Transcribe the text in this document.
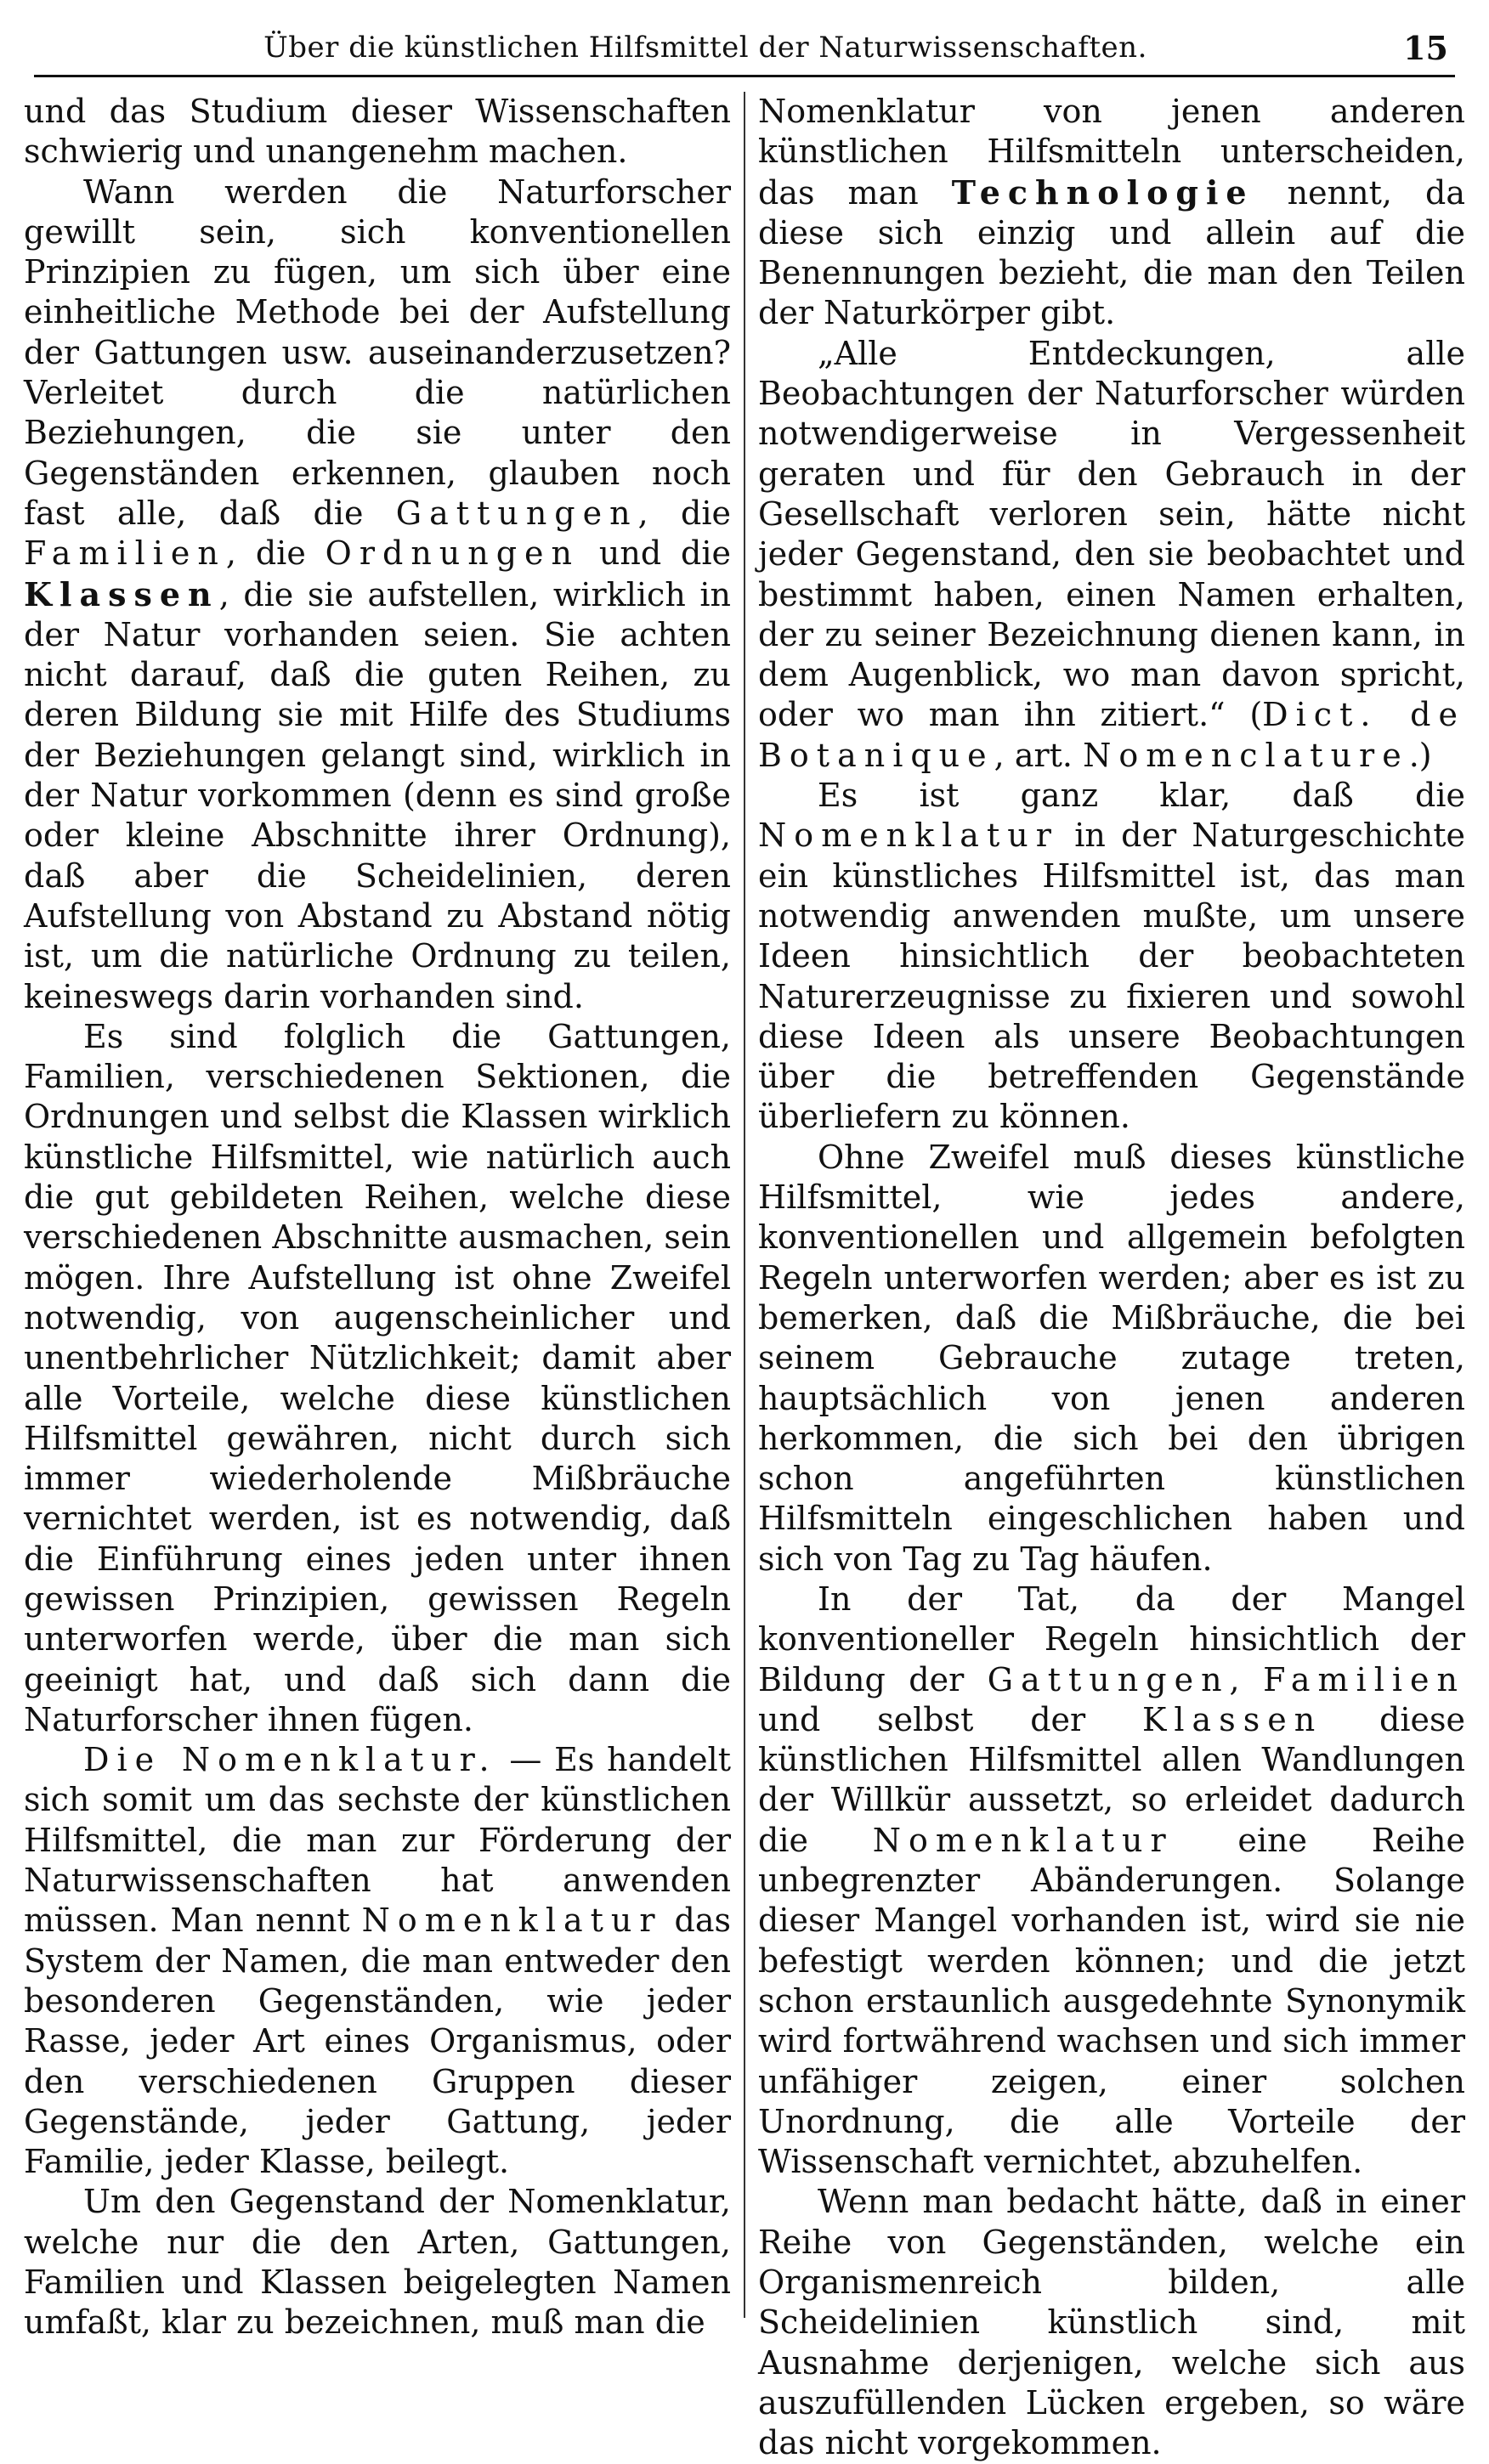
Über die künstlichen Hilfsmittel der Naturwissenschaften.	15

und das Studium dieser Wissenschaften schwierig und unangenehm machen.

Wann werden die Naturforscher gewillt sein, sich konventionellen Prinzipien zu fügen, um sich über eine einheitliche Methode bei der Aufstellung der Gattungen usw. auseinanderzusetzen? Verleitet durch die natürlichen Beziehungen, die sie unter den Gegenständen erkennen, glauben noch fast alle, daß die Gattungen, die Familien, die Ordnungen und die Klassen, die sie aufstellen, wirklich in der Natur vorhanden seien. Sie achten nicht darauf, daß die guten Reihen, zu deren Bildung sie mit Hilfe des Studiums der Beziehungen gelangt sind, wirklich in der Natur vorkommen (denn es sind große oder kleine Abschnitte ihrer Ordnung), daß aber die Scheidelinien, deren Aufstellung von Abstand zu Abstand nötig ist, um die natürliche Ordnung zu teilen, keineswegs darin vorhanden sind.

Es sind folglich die Gattungen, Familien, verschiedenen Sektionen, die Ordnungen und selbst die Klassen wirklich künstliche Hilfsmittel, wie natürlich auch die gut gebildeten Reihen, welche diese verschiedenen Abschnitte ausmachen, sein mögen. Ihre Aufstellung ist ohne Zweifel notwendig, von augenscheinlicher und unentbehrlicher Nützlichkeit; damit aber alle Vorteile, welche diese künstlichen Hilfsmittel gewähren, nicht durch sich immer wiederholende Mißbräuche vernichtet werden, ist es notwendig, daß die Einführung eines jeden unter ihnen gewissen Prinzipien, gewissen Regeln unterworfen werde, über die man sich geeinigt hat, und daß sich dann die Naturforscher ihnen fügen.

Die Nomenklatur. — Es handelt sich somit um das sechste der künstlichen Hilfsmittel, die man zur Förderung der Naturwissenschaften hat anwenden müssen. Man nennt Nomenklatur das System der Namen, die man entweder den besonderen Gegenständen, wie jeder Rasse, jeder Art eines Organismus, oder den verschiedenen Gruppen dieser Gegenstände, jeder Gattung, jeder Familie, jeder Klasse, beilegt.

Um den Gegenstand der Nomenklatur, welche nur die den Arten, Gattungen, Familien und Klassen beigelegten Namen umfaßt, klar zu bezeichnen, muß man die

Nomenklatur von jenen anderen künstlichen Hilfsmitteln unterscheiden, das man Technologie nennt, da diese sich einzig und allein auf die Benennungen bezieht, die man den Teilen der Naturkörper gibt.

„Alle Entdeckungen, alle Beobachtungen der Naturforscher würden notwendigerweise in Vergessenheit geraten und für den Gebrauch in der Gesellschaft verloren sein, hätte nicht jeder Gegenstand, den sie beobachtet und bestimmt haben, einen Namen erhalten, der zu seiner Bezeichnung dienen kann, in dem Augenblick, wo man davon spricht, oder wo man ihn zitiert.“ (Dict. de Botanique, art. Nomenclature.)

Es ist ganz klar, daß die Nomenklatur in der Naturgeschichte ein künstliches Hilfsmittel ist, das man notwendig anwenden mußte, um unsere Ideen hinsichtlich der beobachteten Naturerzeugnisse zu fixieren und sowohl diese Ideen als unsere Beobachtungen über die betreffenden Gegenstände überliefern zu können.

Ohne Zweifel muß dieses künstliche Hilfsmittel, wie jedes andere, konventionellen und allgemein befolgten Regeln unterworfen werden; aber es ist zu bemerken, daß die Mißbräuche, die bei seinem Gebrauche zutage treten, hauptsächlich von jenen anderen herkommen, die sich bei den übrigen schon angeführten künstlichen Hilfsmitteln eingeschlichen haben und sich von Tag zu Tag häufen.

In der Tat, da der Mangel konventioneller Regeln hinsichtlich der Bildung der Gattungen, Familien und selbst der Klassen diese künstlichen Hilfsmittel allen Wandlungen der Willkür aussetzt, so erleidet dadurch die Nomenklatur eine Reihe unbegrenzter Abänderungen. Solange dieser Mangel vorhanden ist, wird sie nie befestigt werden können; und die jetzt schon erstaunlich ausgedehnte Synonymik wird fortwährend wachsen und sich immer unfähiger zeigen, einer solchen Unordnung, die alle Vorteile der Wissenschaft vernichtet, abzuhelfen.

Wenn man bedacht hätte, daß in einer Reihe von Gegenständen, welche ein Organismenreich bilden, alle Scheidelinien künstlich sind, mit Ausnahme derjenigen, welche sich aus auszufüllenden Lücken ergeben, so wäre das nicht vorgekommen.
